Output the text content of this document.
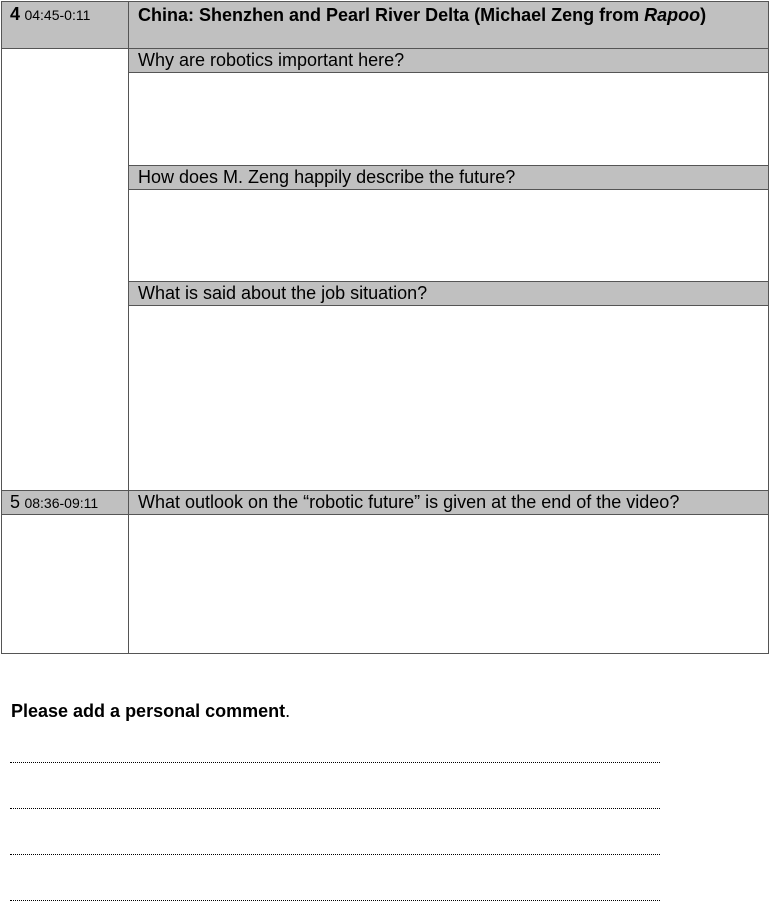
4 04:45-0:11	China: Shenzhen and Pearl River Delta (Michael Zeng from Rapoo)
Why are robotics important here?
How does M. Zeng happily describe the future?
What is said about the job situation?
5 08:36-09:11	What outlook on the “robotic future” is given at the end of the video?
Please add a personal comment.
